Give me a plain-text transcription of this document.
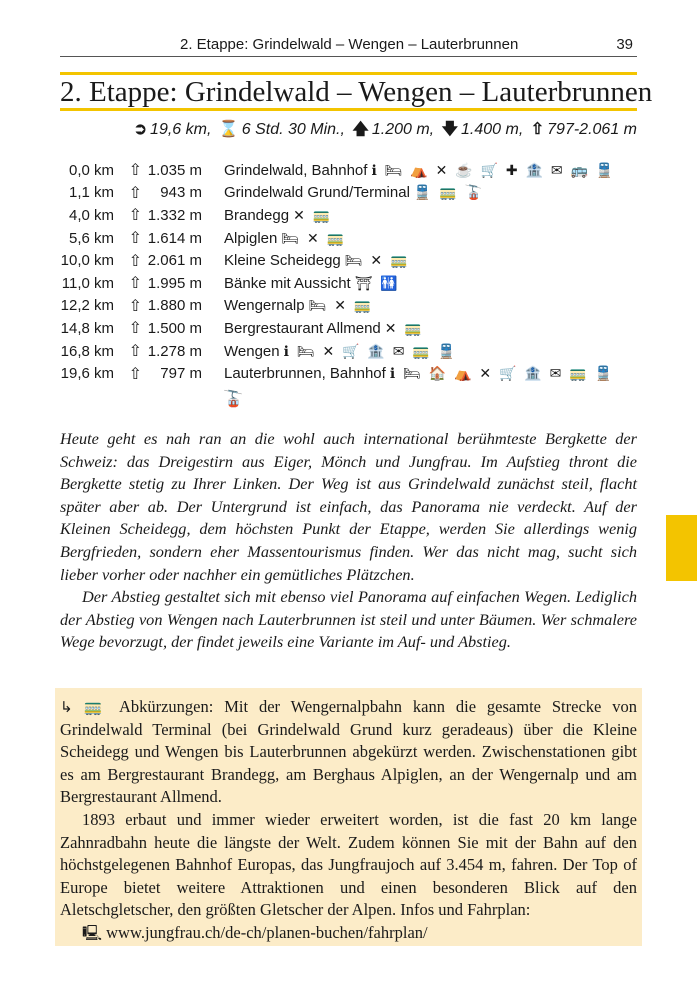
2. Etappe: Grindelwald – Wengen – Lauterbrunnen	39
2. Etappe: Grindelwald – Wengen – Lauterbrunnen
➲ 19,6 km, ⌛ 6 Std. 30 Min., 🡅 1.200 m, 🡇 1.400 m, ⇧ 797-2.061 m
0,0 km	⇧	1.035 m		Grindelwald, Bahnhof ℹ 🛏 ⛺ ✕ ☕ 🛒 ✚ 🏦 ✉ 🚌 🚆
1,1 km	⇧	943 m		Grindelwald Grund/Terminal 🚆 🚃 🚡
4,0 km	⇧	1.332 m		Brandegg ✕ 🚃
5,6 km	⇧	1.614 m		Alpiglen 🛏 ✕ 🚃
10,0 km	⇧	2.061 m		Kleine Scheidegg 🛏 ✕ 🚃
11,0 km	⇧	1.995 m		Bänke mit Aussicht ⛩ 🚻
12,2 km	⇧	1.880 m		Wengernalp 🛏 ✕ 🚃
14,8 km	⇧	1.500 m		Bergrestaurant Allmend ✕ 🚃
16,8 km	⇧	1.278 m		Wengen ℹ 🛏 ✕ 🛒 🏦 ✉ 🚃 🚆
19,6 km	⇧	797 m		Lauterbrunnen, Bahnhof ℹ 🛏 🏠 ⛺ ✕ 🛒 🏦 ✉ 🚃 🚆
🚡

Heute geht es nah ran an die wohl auch international berühmteste Bergkette der Schweiz: das Dreigestirn aus Eiger, Mönch und Jungfrau. Im Aufstieg thront die Bergkette stetig zu Ihrer Linken. Der Weg ist aus Grindelwald zunächst steil, flacht später aber ab. Der Untergrund ist einfach, das Panorama nie verdeckt. Auf der Kleinen Scheidegg, dem höchsten Punkt der Etappe, werden Sie allerdings wenig Bergfrieden, sondern eher Massentourismus finden. Wer das nicht mag, sucht sich lieber vorher oder nachher ein gemütliches Plätzchen.

Der Abstieg gestaltet sich mit ebenso viel Panorama auf einfachen Wegen. Lediglich der Abstieg von Wengen nach Lauterbrunnen ist steil und unter Bäumen. Wer schmalere Wege bevorzugt, der findet jeweils eine Variante im Auf- und Abstieg.

↳ 🚃 Abkürzungen: Mit der Wengernalpbahn kann die gesamte Strecke von Grindelwald Terminal (bei Grindelwald Grund kurz geradeaus) über die Kleine Scheidegg und Wengen bis Lauterbrunnen abgekürzt werden. Zwischenstationen gibt es am Bergrestaurant Brandegg, am Berghaus Alpiglen, an der Wengernalp und am Bergrestaurant Allmend.

1893 erbaut und immer wieder erweitert worden, ist die fast 20 km lange Zahnradbahn heute die längste der Welt. Zudem können Sie mit der Bahn auf den höchstgelegenen Bahnhof Europas, das Jungfraujoch auf 3.454 m, fahren. Der Top of Europe bietet weitere Attraktionen und einen besonderen Blick auf den Aletschgletscher, den größten Gletscher der Alpen. Infos und Fahrplan:

🖳 www.jungfrau.ch/de-ch/planen-buchen/fahrplan/
